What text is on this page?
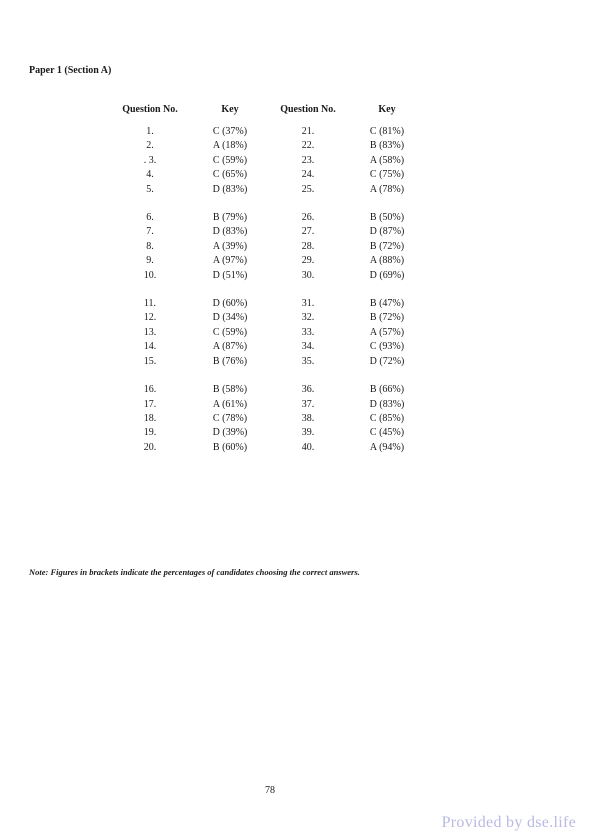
Paper 1 (Section A)
Question No.	Key	Question No.	Key
1.	C (37%)	21.	C (81%)
2.	A (18%)	22.	B (83%)
. 3.	C (59%)	23.	A (58%)
4.	C (65%)	24.	C (75%)
5.	D (83%)	25.	A (78%)

6.	B (79%)	26.	B (50%)
7.	D (83%)	27.	D (87%)
8.	A (39%)	28.	B (72%)
9.	A (97%)	29.	A (88%)
10.	D (51%)	30.	D (69%)

11.	D (60%)	31.	B (47%)
12.	D (34%)	32.	B (72%)
13.	C (59%)	33.	A (57%)
14.	A (87%)	34.	C (93%)
15.	B (76%)	35.	D (72%)

16.	B (58%)	36.	B (66%)
17.	A (61%)	37.	D (83%)
18.	C (78%)	38.	C (85%)
19.	D (39%)	39.	C (45%)
20.	B (60%)	40.	A (94%)
Note: Figures in brackets indicate the percentages of candidates choosing the correct answers.
78
Provided by dse.life
